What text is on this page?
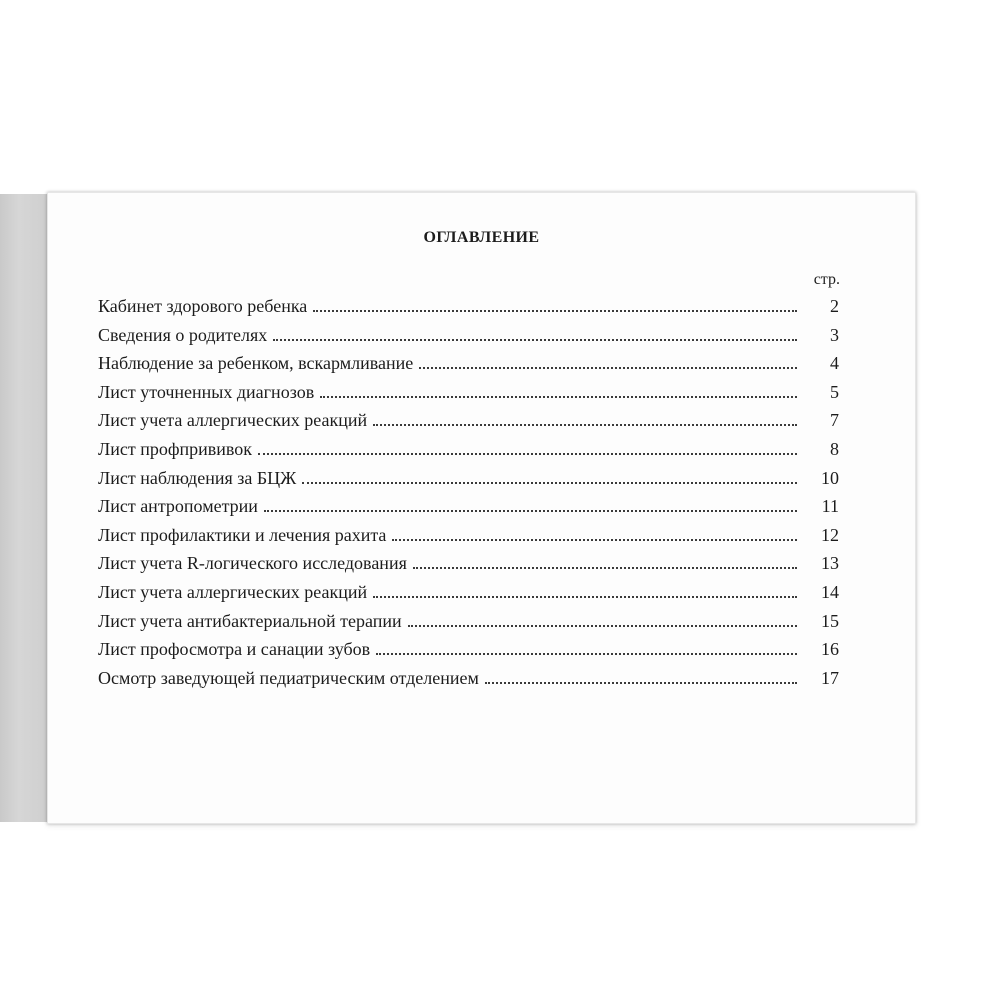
ОГЛАВЛЕНИЕ
стр.
Кабинет здорового ребенка	2
Сведения о родителях	3
Наблюдение за ребенком, вскармливание	4
Лист уточненных диагнозов	5
Лист учета аллергических реакций	7
Лист профпрививок	8
Лист наблюдения за БЦЖ	10
Лист антропометрии	11
Лист профилактики и лечения рахита	12
Лист учета R-логического исследования	13
Лист учета аллергических реакций	14
Лист учета антибактериальной терапии	15
Лист профосмотра и санации зубов	16
Осмотр заведующей педиатрическим отделением	17
